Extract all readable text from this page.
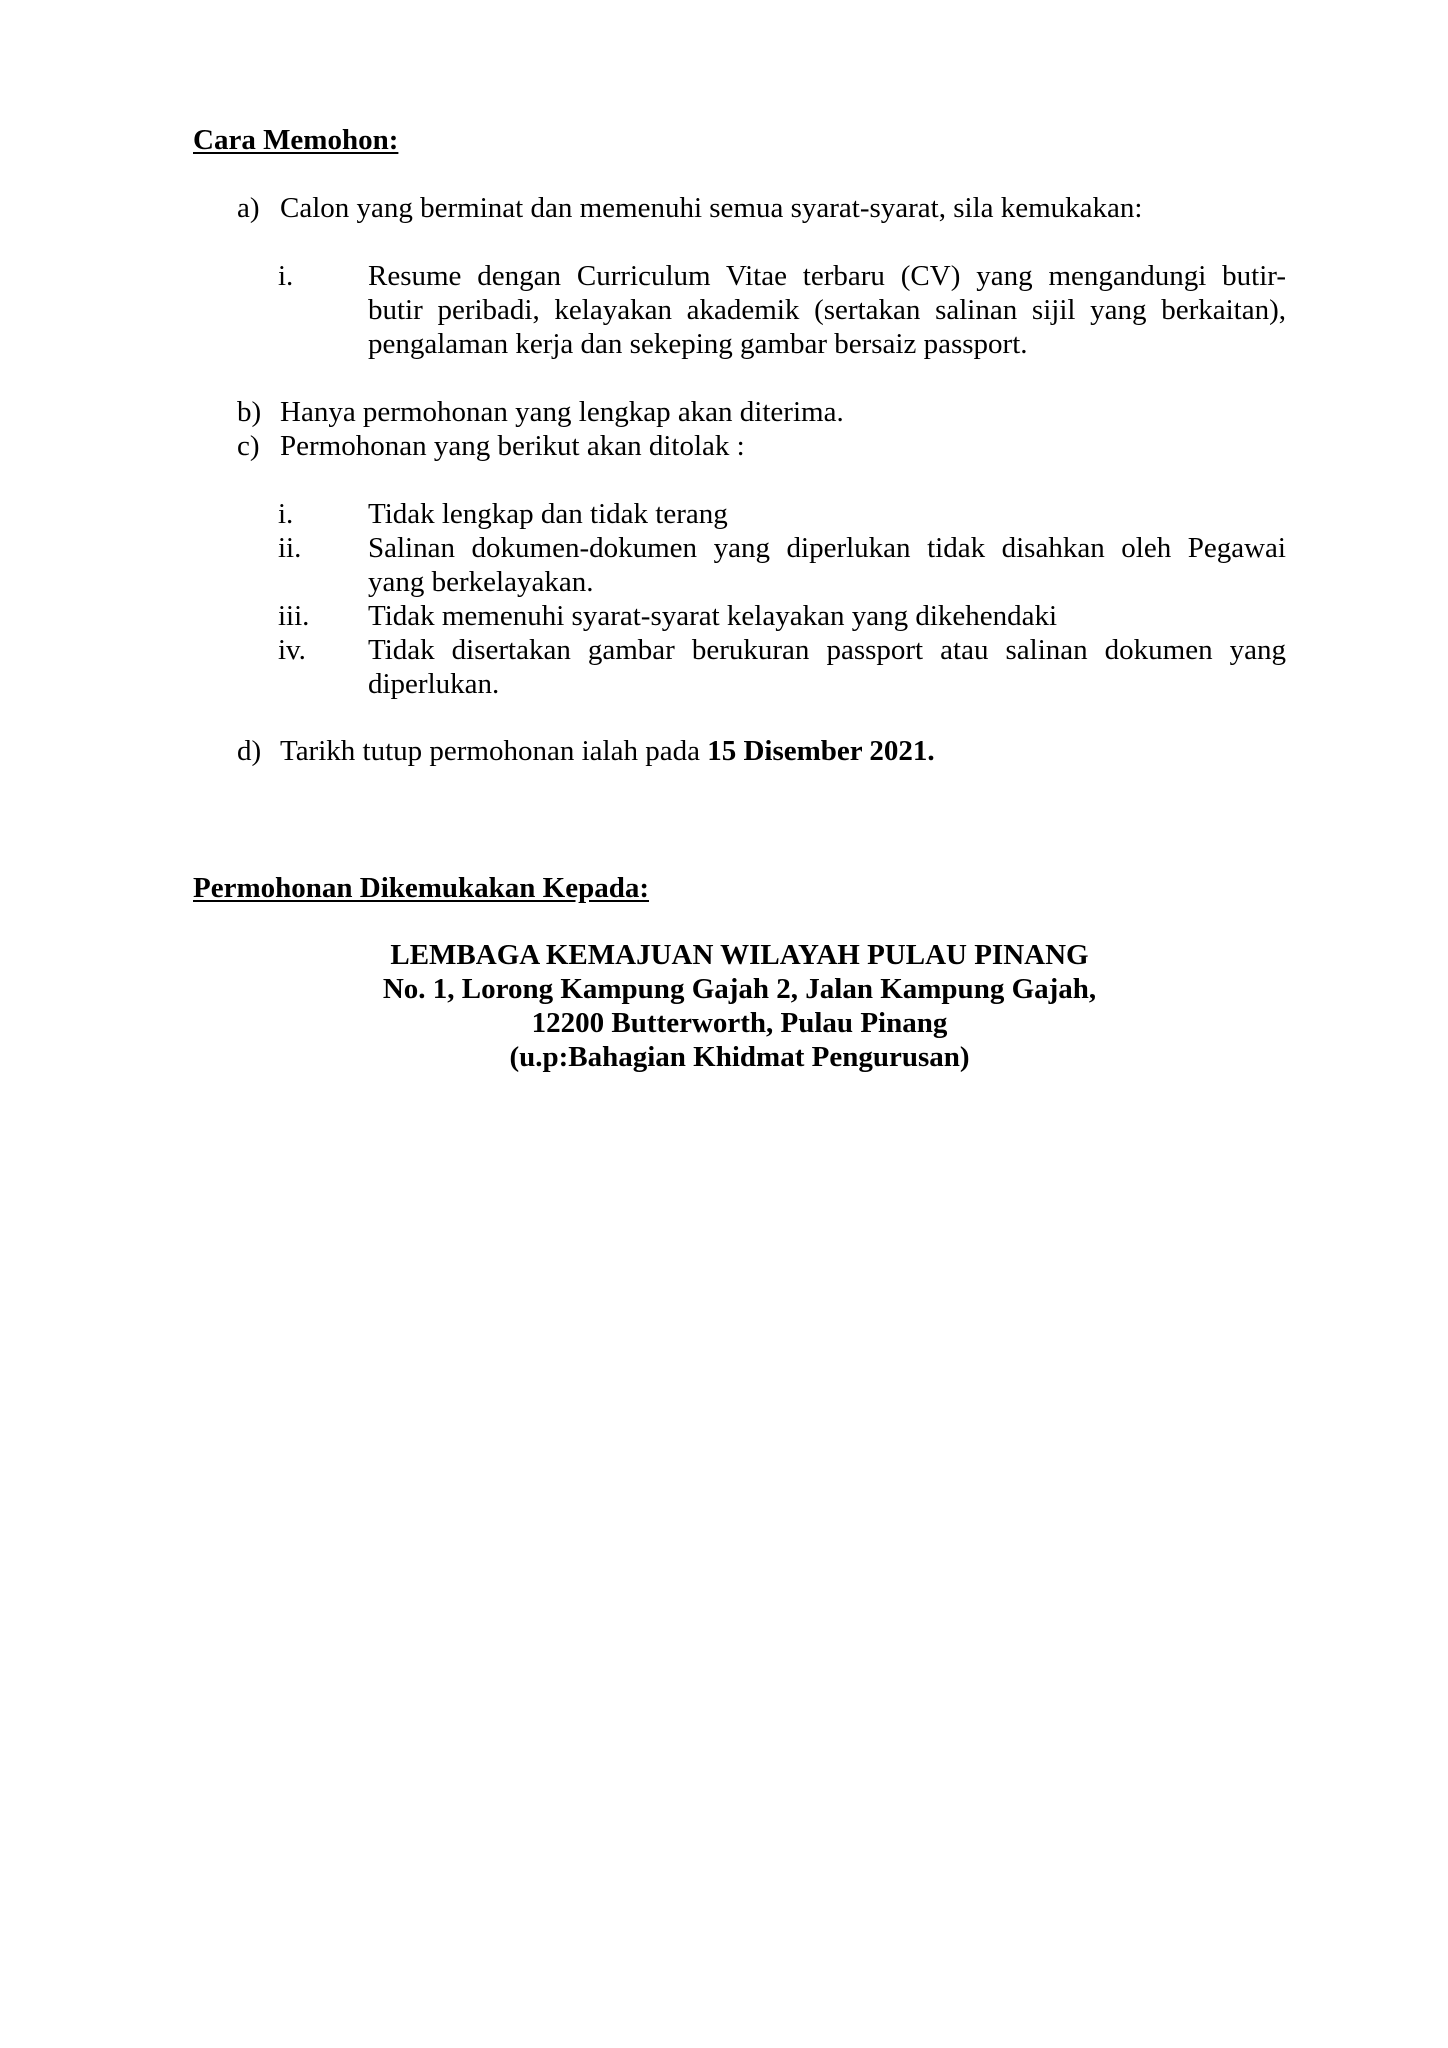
Cara Memohon:
a) Calon yang berminat dan memenuhi semua syarat-syarat, sila kemukakan:
i.	Resume dengan Curriculum Vitae terbaru (CV) yang mengandungi butir-
butir peribadi, kelayakan akademik (sertakan salinan sijil yang berkaitan),
pengalaman kerja dan sekeping gambar bersaiz passport.
b) Hanya permohonan yang lengkap akan diterima.
c) Permohonan yang berikut akan ditolak :
i.	Tidak lengkap dan tidak terang
ii. Salinan dokumen-dokumen yang diperlukan tidak disahkan oleh Pegawai
yang berkelayakan.
iii. Tidak memenuhi syarat-syarat kelayakan yang dikehendaki
iv. Tidak disertakan gambar berukuran passport atau salinan dokumen yang
diperlukan.
d) Tarikh tutup permohonan ialah pada 15 Disember 2021.
Permohonan Dikemukakan Kepada:
LEMBAGA KEMAJUAN WILAYAH PULAU PINANG
No. 1, Lorong Kampung Gajah 2, Jalan Kampung Gajah,
12200 Butterworth, Pulau Pinang
(u.p:Bahagian Khidmat Pengurusan)
